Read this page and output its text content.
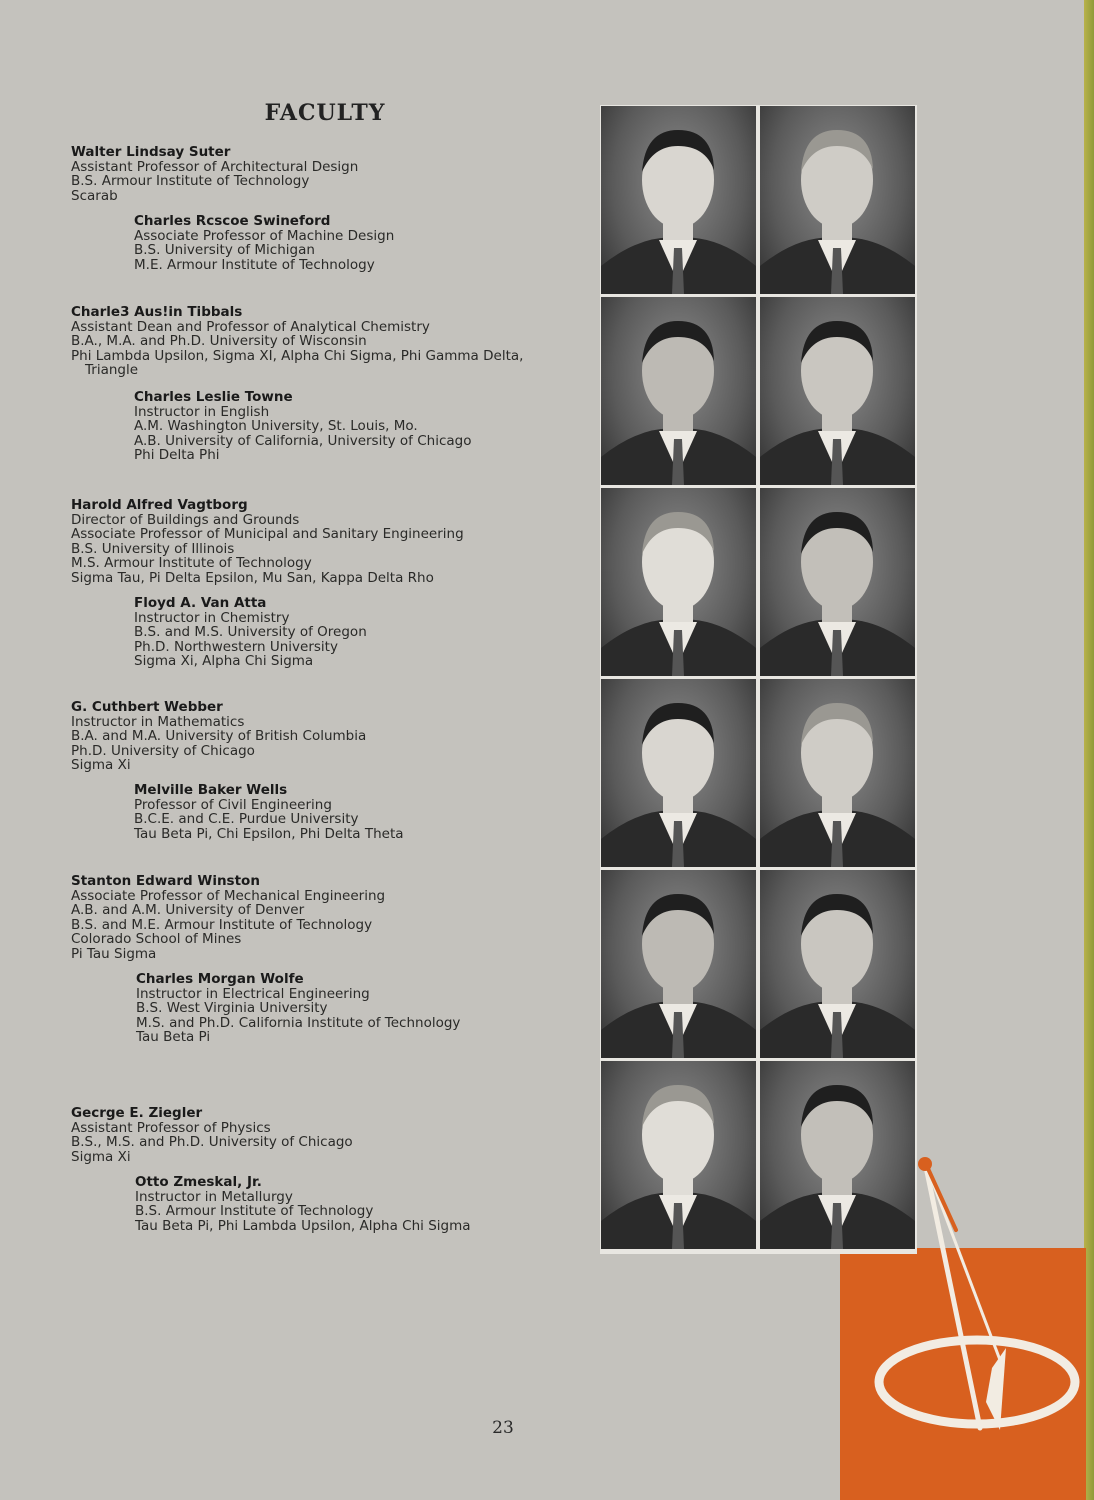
FACULTY
Walter Lindsay Suter
Assistant Professor of Architectural Design
B.S. Armour Institute of Technology
Scarab
Charles Rcscoe Swineford
Associate Professor of Machine Design
B.S. University of Michigan
M.E. Armour Institute of Technology
Charle3 Aus!in Tibbals
Assistant Dean and Professor of Analytical Chemistry
B.A., M.A. and Ph.D. University of Wisconsin
Phi Lambda Upsilon, Sigma XI, Alpha Chi Sigma, Phi Gamma Delta,
Triangle
Charles Leslie Towne
Instructor in English
A.M. Washington University, St. Louis, Mo.
A.B. University of California, University of Chicago
Phi Delta Phi
Harold Alfred Vagtborg
Director of Buildings and Grounds
Associate Professor of Municipal and Sanitary Engineering
B.S. University of Illinois
M.S. Armour Institute of Technology
Sigma Tau, Pi Delta Epsilon, Mu San, Kappa Delta Rho
Floyd A. Van Atta
Instructor in Chemistry
B.S. and M.S. University of Oregon
Ph.D. Northwestern University
Sigma Xi, Alpha Chi Sigma
G. Cuthbert Webber
Instructor in Mathematics
B.A. and M.A. University of British Columbia
Ph.D. University of Chicago
Sigma Xi
Melville Baker Wells
Professor of Civil Engineering
B.C.E. and C.E. Purdue University
Tau Beta Pi, Chi Epsilon, Phi Delta Theta
Stanton Edward Winston
Associate Professor of Mechanical Engineering
A.B. and A.M. University of Denver
B.S. and M.E. Armour Institute of Technology
Colorado School of Mines
Pi Tau Sigma
Charles Morgan Wolfe
Instructor in Electrical Engineering
B.S. West Virginia University
M.S. and Ph.D. California Institute of Technology
Tau Beta Pi
Gecrge E. Ziegler
Assistant Professor of Physics
B.S., M.S. and Ph.D. University of Chicago
Sigma Xi
Otto Zmeskal, Jr.
Instructor in Metallurgy
B.S. Armour Institute of Technology
Tau Beta Pi, Phi Lambda Upsilon, Alpha Chi Sigma
23
